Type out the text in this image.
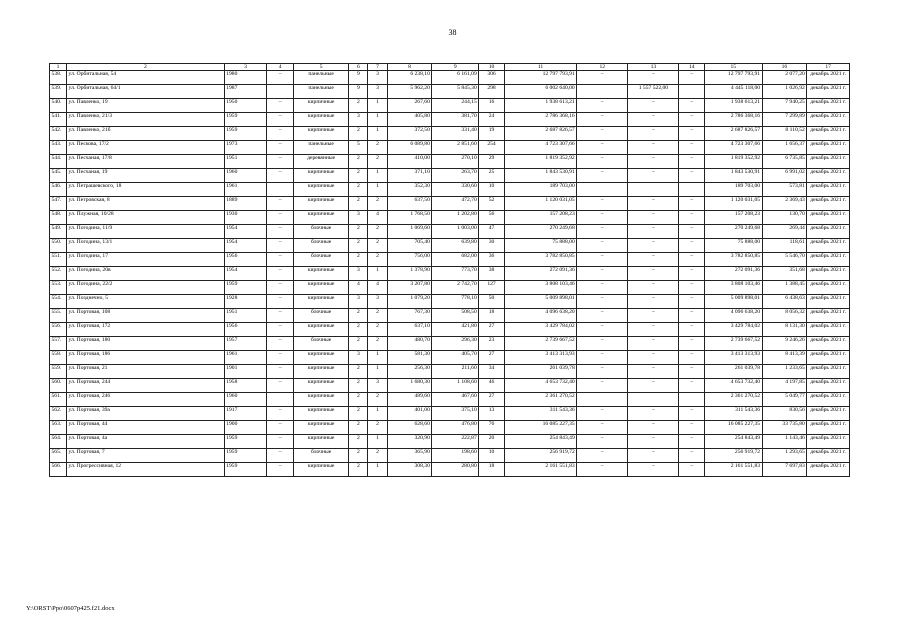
38
1	2	3	4	5	6	7	8	9	10	11	12	13	14	15	16	17
538.	ул. Орбитальная, 54	1980	–	панельные	9	3	6 238,10	6 161,09	306	12 797 793,91	–	–	–	12 797 793,91	2 077,20	декабрь 2021 г.
539.	ул. Орбитальная, 64/1	1987		панельные	9	3	5 962,20	5 845,30	298	6 002 640,00		1 557 522,00		4 445 118,00	1 026,92	декабрь 2021 г.
540.	ул. Павленко, 19	1950	–	кирпичные	2	1	267,60	244,15	16	1 938 613,21	–	–	–	1 938 613,21	7 940,25	декабрь 2021 г.
541.	ул. Павленко, 21/3	1959	–	кирпичные	3	1	405,80	381,70	24	2 786 368,16	–	–	–	2 786 368,16	7 299,89	декабрь 2021 г.
542.	ул. Павленко, 21б	1959	–	кирпичные	2	1	372,50	331,40	19	2 687 826,57	–	–	–	2 687 826,57	8 110,52	декабрь 2021 г.
543.	ул. Пескова, 17/2	1973	–	панельные	5	2	6 089,80	2 851,60	254	4 723 307,66	–	–	–	4 723 307,66	1 656,37	декабрь 2021 г.
544.	ул. Песчаная, 17/8	1951	–	деревянные	2	2	410,00	270,10	29	1 819 352,92	–	–	–	1 819 352,92	6 735,85	декабрь 2021 г.
545.	ул. Песчаная, 19	1960	–	кирпичные	2	1	371,10	263,70	25	1 843 530,91	–	–	–	1 843 530,91	6 991,02	декабрь 2021 г.
546.	ул. Петрашевского, 18	1961		кирпичные	2	1	352,30	330,60	10	189 703,00				189 703,00	573,81	декабрь 2021 г.
547.	ул. Петровская, 8	1889	–	кирпичные	2	2	637,50	472,70	52	1 120 031,05	–	–	–	1 120 031,05	2 369,43	декабрь 2021 г.
548.	ул. Плужная, 10/28	1930	–	кирпичные	3	4	1 768,50	1 202,80	56	157 208,23	–	–	–	157 208,23	130,70	декабрь 2021 г.
549.	ул. Погодина, 11/9	1954	–	блочные	2	2	1 069,60	1 003,00	47	270 249,68	–	–	–	270 249,68	269,44	декабрь 2021 г.
550.	ул. Погодина, 13/1	1954	–	блочные	2	2	705,40	639,80	30	75 888,00	–	–	–	75 888,00	118,61	декабрь 2021 г.
551.	ул. Погодина, 17	1956	–	блочные	2	2	756,00	682,00	36	3 782 850,85	–	–	–	3 782 850,85	5 546,70	декабрь 2021 г.
552.	ул. Погодина, 20в	1954	–	кирпичные	3	1	1 378,90	773,70	38	272 091,36	–	–	–	272 091,36	351,68	декабрь 2021 г.
553.	ул. Погодина, 22/2	1959	–	кирпичные	4	4	3 207,80	2 742,70	127	3 808 103,46	–	–	–	3 808 103,46	1 388,45	декабрь 2021 г.
554.	ул. Позднечно, 5	1928	–	кирпичные	3	3	1 079,20	778,10	50	5 009 898,01	–	–	–	5 009 898,01	6 438,63	декабрь 2021 г.
555.	ул. Портовая, 108	1951	–	блочные	2	2	767,30	508,50	18	4 096 638,20	–	–	–	4 096 638,20	8 056,32	декабрь 2021 г.
556.	ул. Портовая, 172	1956	–	кирпичные	2	2	637,10	421,80	27	3 429 784,02	–	–	–	3 429 784,02	8 131,30	декабрь 2021 г.
557.	ул. Портовая, 180	1957	–	блочные	2	2	480,70	296,30	23	2 739 667,52	–	–	–	2 739 667,52	9 246,26	декабрь 2021 г.
558.	ул. Портовая, 186	1961	–	кирпичные	3	1	581,30	405,70	27	3 413 313,93	–	–	–	3 413 313,93	8 413,39	декабрь 2021 г.
559.	ул. Портовая, 21	1901	–	кирпичные	2	1	256,30	211,60	34	261 039,78	–	–	–	261 039,78	1 233,65	декабрь 2021 г.
560.	ул. Портовая, 244	1958	–	кирпичные	2	3	1 680,30	1 108,60	46	4 653 732,40	–	–	–	4 653 732,40	4 197,85	декабрь 2021 г.
561.	ул. Портовая, 246	1960		кирпичные	2	2	489,60	467,60	27	2 361 270,52				2 361 270,52	5 049,77	декабрь 2021 г.
562.	ул. Портовая, 39а	1917	–	кирпичные	2	1	401,00	375,10	13	311 543,36	–	–	–	311 543,36	830,56	декабрь 2021 г.
563.	ул. Портовая, 44	1900	–	кирпичные	2	2	628,60	476,80	76	16 085 227,35	–	–	–	16 085 227,35	33 735,80	декабрь 2021 г.
564.	ул. Портовая, 4а	1959	–	кирпичные	2	1	320,90	222,87	20	254 843,49	–	–	–	254 843,49	1 143,46	декабрь 2021 г.
565.	ул. Портовая, 7	1959	–	блочные	2	2	365,90	198,60	10	256 919,72	–	–	–	256 919,72	1 293,65	декабрь 2021 г.
566.	ул. Прогрессивная, 12	1959	–	кирпичные	2	1	308,30	280,80	18	2 161 551,83	–	–	–	2 161 551,83	7 697,83	декабрь 2021 г.
Y:\ORST\Ppo\0607p425.f21.docx
